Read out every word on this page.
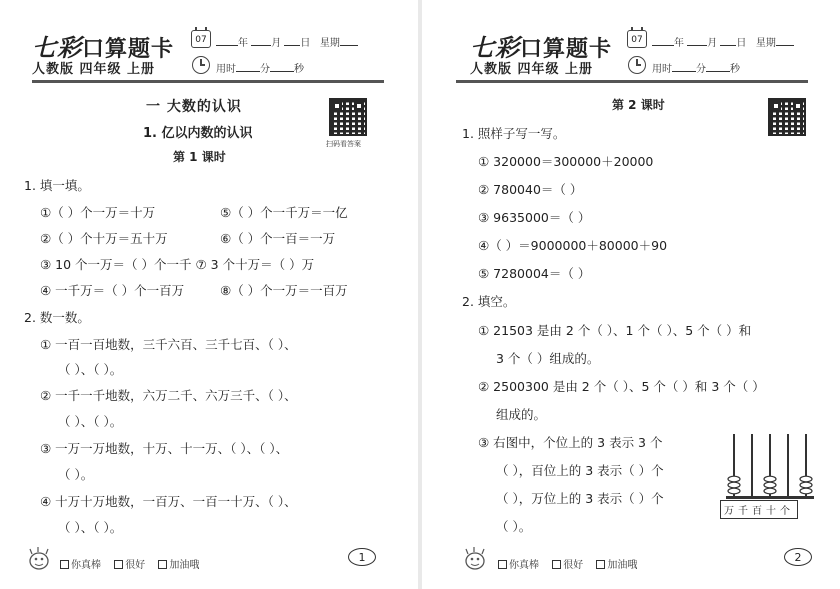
七彩口算题卡
人教版 四年级 上册
07	年 月 日 星期
用时 分 秒
扫码看答案
一 大数的认识
1. 亿以内数的认识
第 1 课时
1. 填一填。
①（ ）个一万＝十万	⑤（ ）个一千万＝一亿
②（ ）个十万＝五十万	⑥（ ）个一百＝一万
③ 10 个一万＝（ ）个一千 ⑦ 3 个十万＝（ ）万
④ 一千万＝（ ）个一百万	⑧（ ）个一万＝一百万
2. 数一数。
① 一百一百地数，三千六百、三千七百、（ ）、
（ ）、（ ）。
② 一千一千地数，六万二千、六万三千、（ ）、
（ ）、（ ）。
③ 一万一万地数，十万、十一万、（ ）、（ ）、
（ ）。
④ 十万十万地数，一百万、一百一十万、（ ）、
（ ）、（ ）。
你真棒 很好 加油哦
1
七彩口算题卡
人教版 四年级 上册
07	年 月 日 星期
用时 分 秒
第 2 课时
1. 照样子写一写。
① 320000＝300000＋20000
② 780040＝（ ）
③ 9635000＝（ ）
④（ ）＝9000000＋80000＋90
⑤ 7280004＝（ ）
2. 填空。
① 21503 是由 2 个（ ）、1 个（ ）、5 个（ ）和
3 个（ ）组成的。
② 2500300 是由 2 个（ ）、5 个（ ）和 3 个（ ）
组成的。
③ 右图中，个位上的 3 表示 3 个
（ ），百位上的 3 表示（ ）个
（ ），万位上的 3 表示（ ）个
（ ）。
万千百十个
你真棒 很好 加油哦
2
